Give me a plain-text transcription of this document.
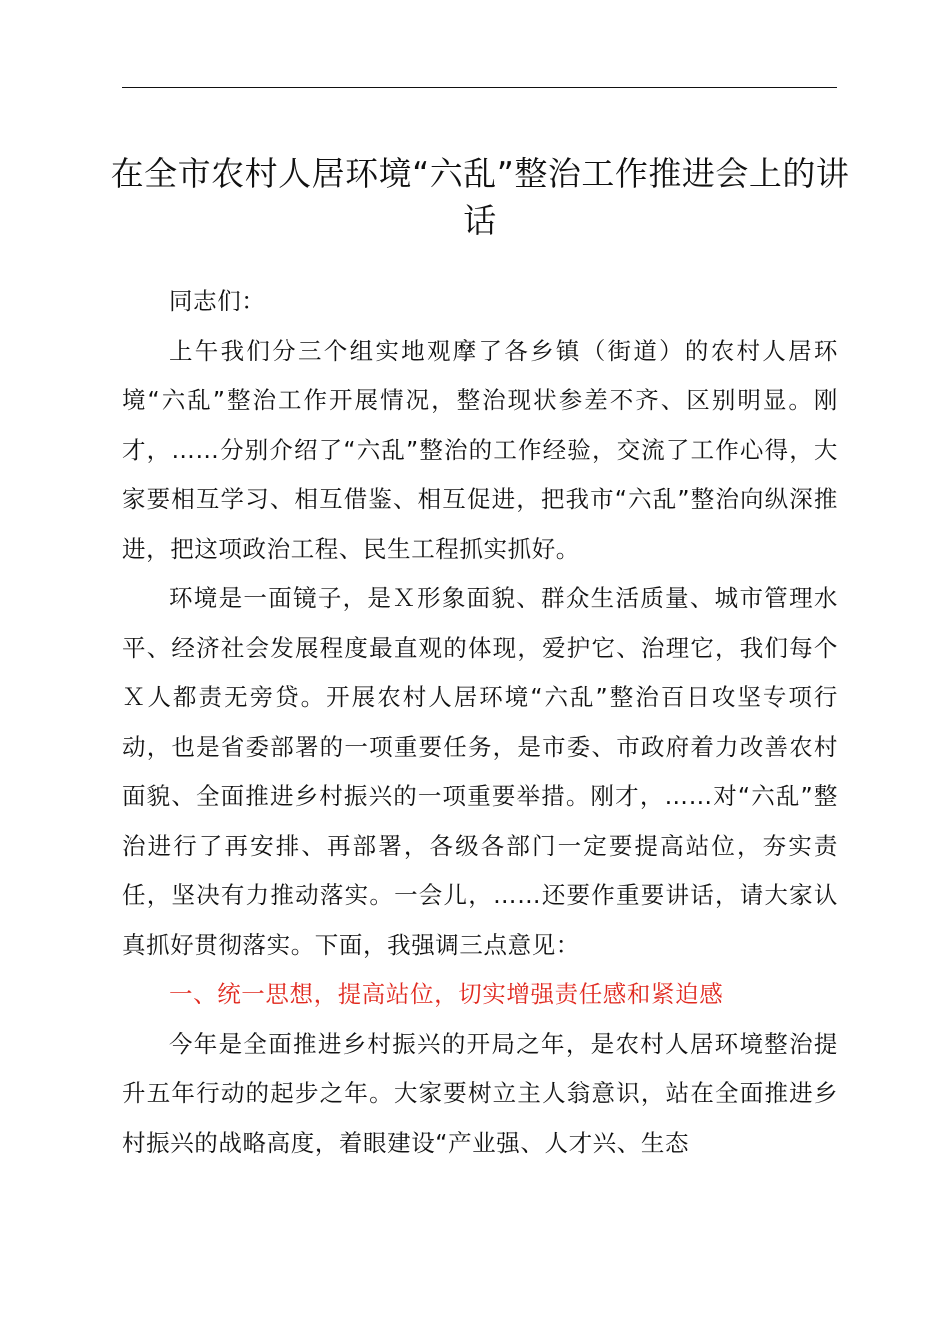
在全市农村人居环境“六乱”整治工作推进会上的讲话

同志们：

上午我们分三个组实地观摩了各乡镇（街道）的农村人居环境“六乱”整治工作开展情况，整治现状参差不齐、区别明显。刚才，……分别介绍了“六乱”整治的工作经验，交流了工作心得，大家要相互学习、相互借鉴、相互促进，把我市“六乱”整治向纵深推进，把这项政治工程、民生工程抓实抓好。

环境是一面镜子，是Ｘ形象面貌、群众生活质量、城市管理水平、经济社会发展程度最直观的体现，爱护它、治理它，我们每个Ｘ人都责无旁贷。开展农村人居环境“六乱”整治百日攻坚专项行动，也是省委部署的一项重要任务，是市委、市政府着力改善农村面貌、全面推进乡村振兴的一项重要举措。刚才，……对“六乱”整治进行了再安排、再部署，各级各部门一定要提高站位，夯实责任，坚决有力推动落实。一会儿，……还要作重要讲话，请大家认真抓好贯彻落实。下面，我强调三点意见：

一、统一思想，提高站位，切实增强责任感和紧迫感

今年是全面推进乡村振兴的开局之年，是农村人居环境整治提升五年行动的起步之年。大家要树立主人翁意识，站在全面推进乡村振兴的战略高度，着眼建设“产业强、人才兴、生态
